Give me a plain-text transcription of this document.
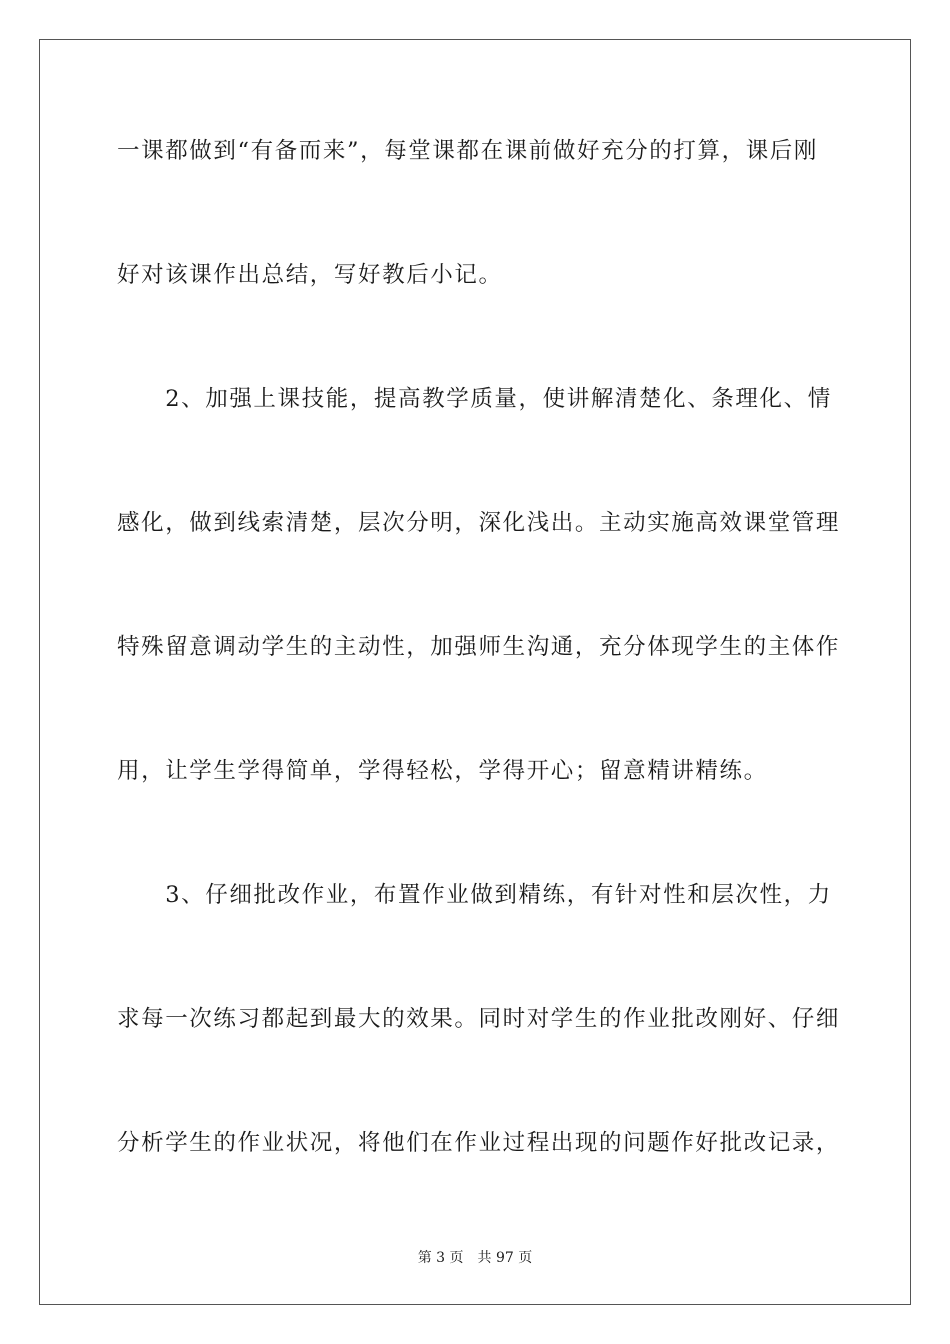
一课都做到“有备而来”，每堂课都在课前做好充分的打算，课后刚
好对该课作出总结，写好教后小记。
　　2、加强上课技能，提高教学质量，使讲解清楚化、条理化、情
感化，做到线索清楚，层次分明，深化浅出。主动实施高效课堂管理
特殊留意调动学生的主动性，加强师生沟通，充分体现学生的主体作
用，让学生学得简单，学得轻松，学得开心；留意精讲精练。
　　3、仔细批改作业，布置作业做到精练，有针对性和层次性，力
求每一次练习都起到最大的效果。同时对学生的作业批改刚好、仔细
分析学生的作业状况，将他们在作业过程出现的问题作好批改记录，
第 3 页　共 97 页
